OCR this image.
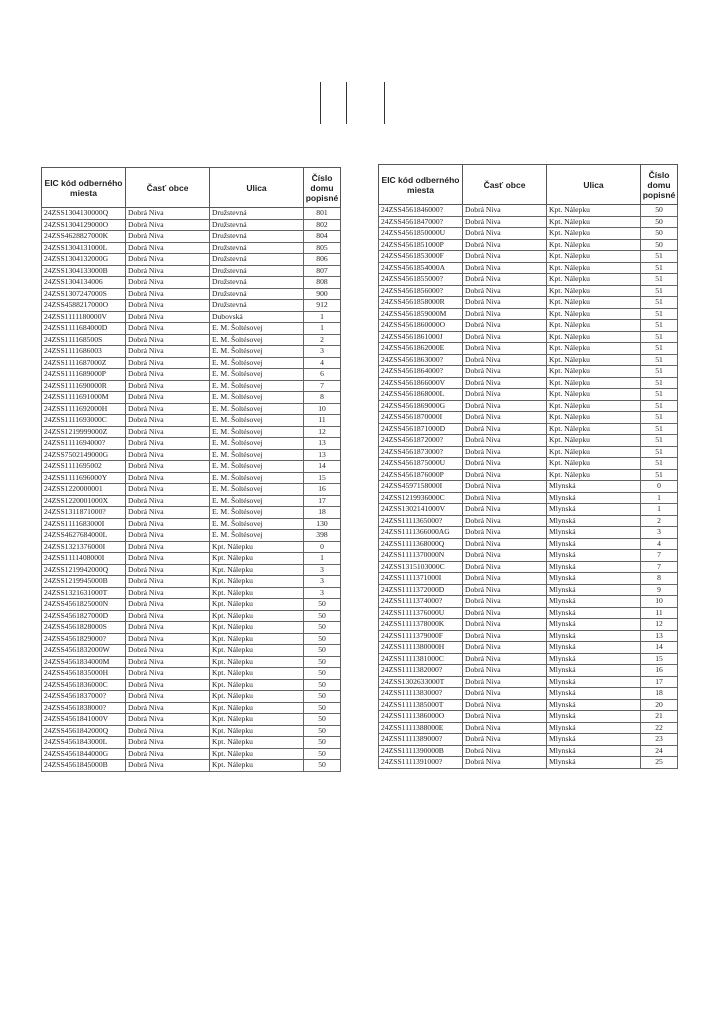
EIC kód odberného miesta	Časť obce	Ulica	Číslo domu popisné
24ZSS1304130000Q	Dobrá Niva	Družstevná	801
24ZSS1304129000O	Dobrá Niva	Družstevná	802
24ZSS4628827000K	Dobrá Niva	Družstevná	804
24ZSS1304131000L	Dobrá Niva	Družstevná	805
24ZSS1304132000G	Dobrá Niva	Družstevná	806
24ZSS1304133000B	Dobrá Niva	Družstevná	807
24ZSS1304134006	Dobrá Niva	Družstevná	808
24ZSS1307247000S	Dobrá Niva	Družstevná	900
24ZSS4588217000O	Dobrá Niva	Družstevná	912
24ZSS1111180000V	Dobrá Niva	Dubovská	1
24ZSS1111684000D	Dobrá Niva	E. M. Šoltésovej	1
24ZSS111168500S	Dobrá Niva	E. M. Šoltésovej	2
24ZSS1111686003	Dobrá Niva	E. M. Šoltésovej	3
24ZSS1111687000Z	Dobrá Niva	E. M. Šoltésovej	4
24ZSS1111689000P	Dobrá Niva	E. M. Šoltésovej	6
24ZSS1111690000R	Dobrá Niva	E. M. Šoltésovej	7
24ZSS1111691000M	Dobrá Niva	E. M. Šoltésovej	8
24ZSS1111692000H	Dobrá Niva	E. M. Šoltésovej	10
24ZSS1111693000C	Dobrá Niva	E. M. Šoltésovej	11
24ZSS1219999000Z	Dobrá Niva	E. M. Šoltésovej	12
24ZSS1111694000?	Dobrá Niva	E. M. Šoltésovej	13
24ZSS7502149000G	Dobrá Niva	E. M. Šoltésovej	13
24ZSS1111695002	Dobrá Niva	E. M. Šoltésovej	14
24ZSS1111696000Y	Dobrá Niva	E. M. Šoltésovej	15
24ZSS1220000001	Dobrá Niva	E. M. Šoltésovej	16
24ZSS1220001000X	Dobrá Niva	E. M. Šoltésovej	17
24ZSS1311871000?	Dobrá Niva	E. M. Šoltésovej	18
24ZSS1111683000I	Dobrá Niva	E. M. Šoltésovej	130
24ZSS4627684000L	Dobrá Niva	E. M. Šoltésovej	398
24ZSS1321376000I	Dobrá Niva	Kpt. Nálepku	0
24ZSS1111408000I	Dobrá Niva	Kpt. Nálepku	1
24ZSS1219942000Q	Dobrá Niva	Kpt. Nálepku	3
24ZSS1219945000B	Dobrá Niva	Kpt. Nálepku	3
24ZSS1321631000T	Dobrá Niva	Kpt. Nálepku	3
24ZSS4561825000N	Dobrá Niva	Kpt. Nálepku	50
24ZSS4561827000D	Dobrá Niva	Kpt. Nálepku	50
24ZSS4561828000S	Dobrá Niva	Kpt. Nálepku	50
24ZSS4561829000?	Dobrá Niva	Kpt. Nálepku	50
24ZSS4561832000W	Dobrá Niva	Kpt. Nálepku	50
24ZSS4561834000M	Dobrá Niva	Kpt. Nálepku	50
24ZSS4561835000H	Dobrá Niva	Kpt. Nálepku	50
24ZSS4561836000C	Dobrá Niva	Kpt. Nálepku	50
24ZSS4561837000?	Dobrá Niva	Kpt. Nálepku	50
24ZSS4561838000?	Dobrá Niva	Kpt. Nálepku	50
24ZSS4561841000V	Dobrá Niva	Kpt. Nálepku	50
24ZSS4561842000Q	Dobrá Niva	Kpt. Nálepku	50
24ZSS4561843000L	Dobrá Niva	Kpt. Nálepku	50
24ZSS4561844000G	Dobrá Niva	Kpt. Nálepku	50
24ZSS4561845000B	Dobrá Niva	Kpt. Nálepku	50
EIC kód odberného miesta	Časť obce	Ulica	Číslo domu popisné
24ZSS4561846000?	Dobrá Niva	Kpt. Nálepku	50
24ZSS4561847000?	Dobrá Niva	Kpt. Nálepku	50
24ZSS4561850000U	Dobrá Niva	Kpt. Nálepku	50
24ZSS4561851000P	Dobrá Niva	Kpt. Nálepku	50
24ZSS4561853000F	Dobrá Niva	Kpt. Nálepku	51
24ZSS4561854000A	Dobrá Niva	Kpt. Nálepku	51
24ZSS4561855000?	Dobrá Niva	Kpt. Nálepku	51
24ZSS4561856000?	Dobrá Niva	Kpt. Nálepku	51
24ZSS4561858000R	Dobrá Niva	Kpt. Nálepku	51
24ZSS4561859000M	Dobrá Niva	Kpt. Nálepku	51
24ZSS4561860000O	Dobrá Niva	Kpt. Nálepku	51
24ZSS4561861000J	Dobrá Niva	Kpt. Nálepku	51
24ZSS4561862000E	Dobrá Niva	Kpt. Nálepku	51
24ZSS4561863000?	Dobrá Niva	Kpt. Nálepku	51
24ZSS4561864000?	Dobrá Niva	Kpt. Nálepku	51
24ZSS4561866000V	Dobrá Niva	Kpt. Nálepku	51
24ZSS4561868000L	Dobrá Niva	Kpt. Nálepku	51
24ZSS4561869000G	Dobrá Niva	Kpt. Nálepku	51
24ZSS4561870000I	Dobrá Niva	Kpt. Nálepku	51
24ZSS4561871000D	Dobrá Niva	Kpt. Nálepku	51
24ZSS4561872000?	Dobrá Niva	Kpt. Nálepku	51
24ZSS4561873000?	Dobrá Niva	Kpt. Nálepku	51
24ZSS4561875000U	Dobrá Niva	Kpt. Nálepku	51
24ZSS4561876000P	Dobrá Niva	Kpt. Nálepku	51
24ZSS4597158000I	Dobrá Niva	Mlynská	0
24ZSS1219936000C	Dobrá Niva	Mlynská	1
24ZSS1302141000V	Dobrá Niva	Mlynská	1
24ZSS1111365000?	Dobrá Niva	Mlynská	2
24ZSS1111366000AG	Dobrá Niva	Mlynská	3
24ZSS1111368000Q	Dobrá Niva	Mlynská	4
24ZSS1111370000N	Dobrá Niva	Mlynská	7
24ZSS1315103000C	Dobrá Niva	Mlynská	7
24ZSS1111371000I	Dobrá Niva	Mlynská	8
24ZSS1111372000D	Dobrá Niva	Mlynská	9
24ZSS1111374000?	Dobrá Niva	Mlynská	10
24ZSS1111376000U	Dobrá Niva	Mlynská	11
24ZSS1111378000K	Dobrá Niva	Mlynská	12
24ZSS1111379000F	Dobrá Niva	Mlynská	13
24ZSS1111380000H	Dobrá Niva	Mlynská	14
24ZSS1111381000C	Dobrá Niva	Mlynská	15
24ZSS1111382000?	Dobrá Niva	Mlynská	16
24ZSS1302633000T	Dobrá Niva	Mlynská	17
24ZSS1111383000?	Dobrá Niva	Mlynská	18
24ZSS1111385000T	Dobrá Niva	Mlynská	20
24ZSS1111386000O	Dobrá Niva	Mlynská	21
24ZSS1111388000E	Dobrá Niva	Mlynská	22
24ZSS1111389000?	Dobrá Niva	Mlynská	23
24ZSS1111390000B	Dobrá Niva	Mlynská	24
24ZSS1111391000?	Dobrá Niva	Mlynská	25
